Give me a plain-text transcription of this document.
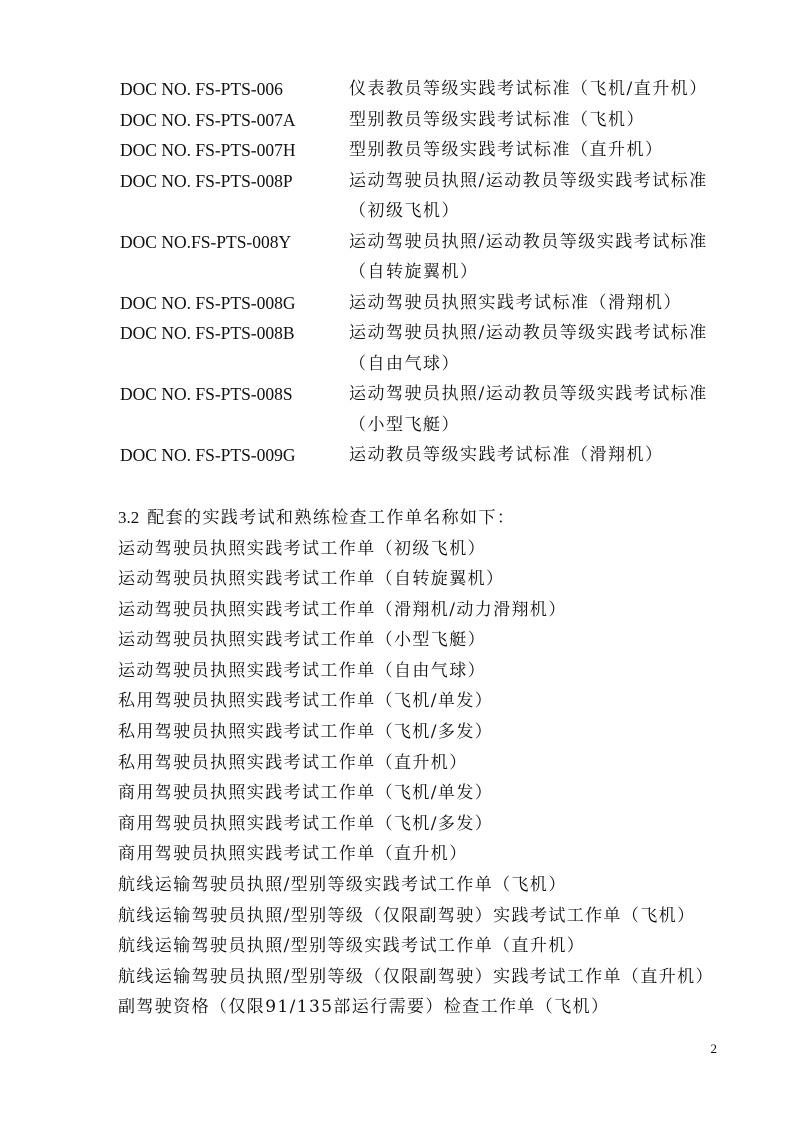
DOC NO. FS-PTS-006	仪表教员等级实践考试标准（飞机/直升机）
DOC NO. FS-PTS-007A	型别教员等级实践考试标准（飞机）
DOC NO. FS-PTS-007H	型别教员等级实践考试标准（直升机）
DOC NO. FS-PTS-008P	运动驾驶员执照/运动教员等级实践考试标准
（初级飞机）
DOC NO.FS-PTS-008Y	运动驾驶员执照/运动教员等级实践考试标准
（自转旋翼机）
DOC NO. FS-PTS-008G	运动驾驶员执照实践考试标准（滑翔机）
DOC NO. FS-PTS-008B	运动驾驶员执照/运动教员等级实践考试标准
（自由气球）
DOC NO. FS-PTS-008S	运动驾驶员执照/运动教员等级实践考试标准
（小型飞艇）
DOC NO. FS-PTS-009G	运动教员等级实践考试标准（滑翔机）
3.2 配套的实践考试和熟练检查工作单名称如下：
运动驾驶员执照实践考试工作单（初级飞机）
运动驾驶员执照实践考试工作单（自转旋翼机）
运动驾驶员执照实践考试工作单（滑翔机/动力滑翔机）
运动驾驶员执照实践考试工作单（小型飞艇）
运动驾驶员执照实践考试工作单（自由气球）
私用驾驶员执照实践考试工作单（飞机/单发）
私用驾驶员执照实践考试工作单（飞机/多发）
私用驾驶员执照实践考试工作单（直升机）
商用驾驶员执照实践考试工作单（飞机/单发）
商用驾驶员执照实践考试工作单（飞机/多发）
商用驾驶员执照实践考试工作单（直升机）
航线运输驾驶员执照/型别等级实践考试工作单（飞机）
航线运输驾驶员执照/型别等级（仅限副驾驶）实践考试工作单（飞机）
航线运输驾驶员执照/型别等级实践考试工作单（直升机）
航线运输驾驶员执照/型别等级（仅限副驾驶）实践考试工作单（直升机）
副驾驶资格（仅限91/135部运行需要）检查工作单（飞机）
2
